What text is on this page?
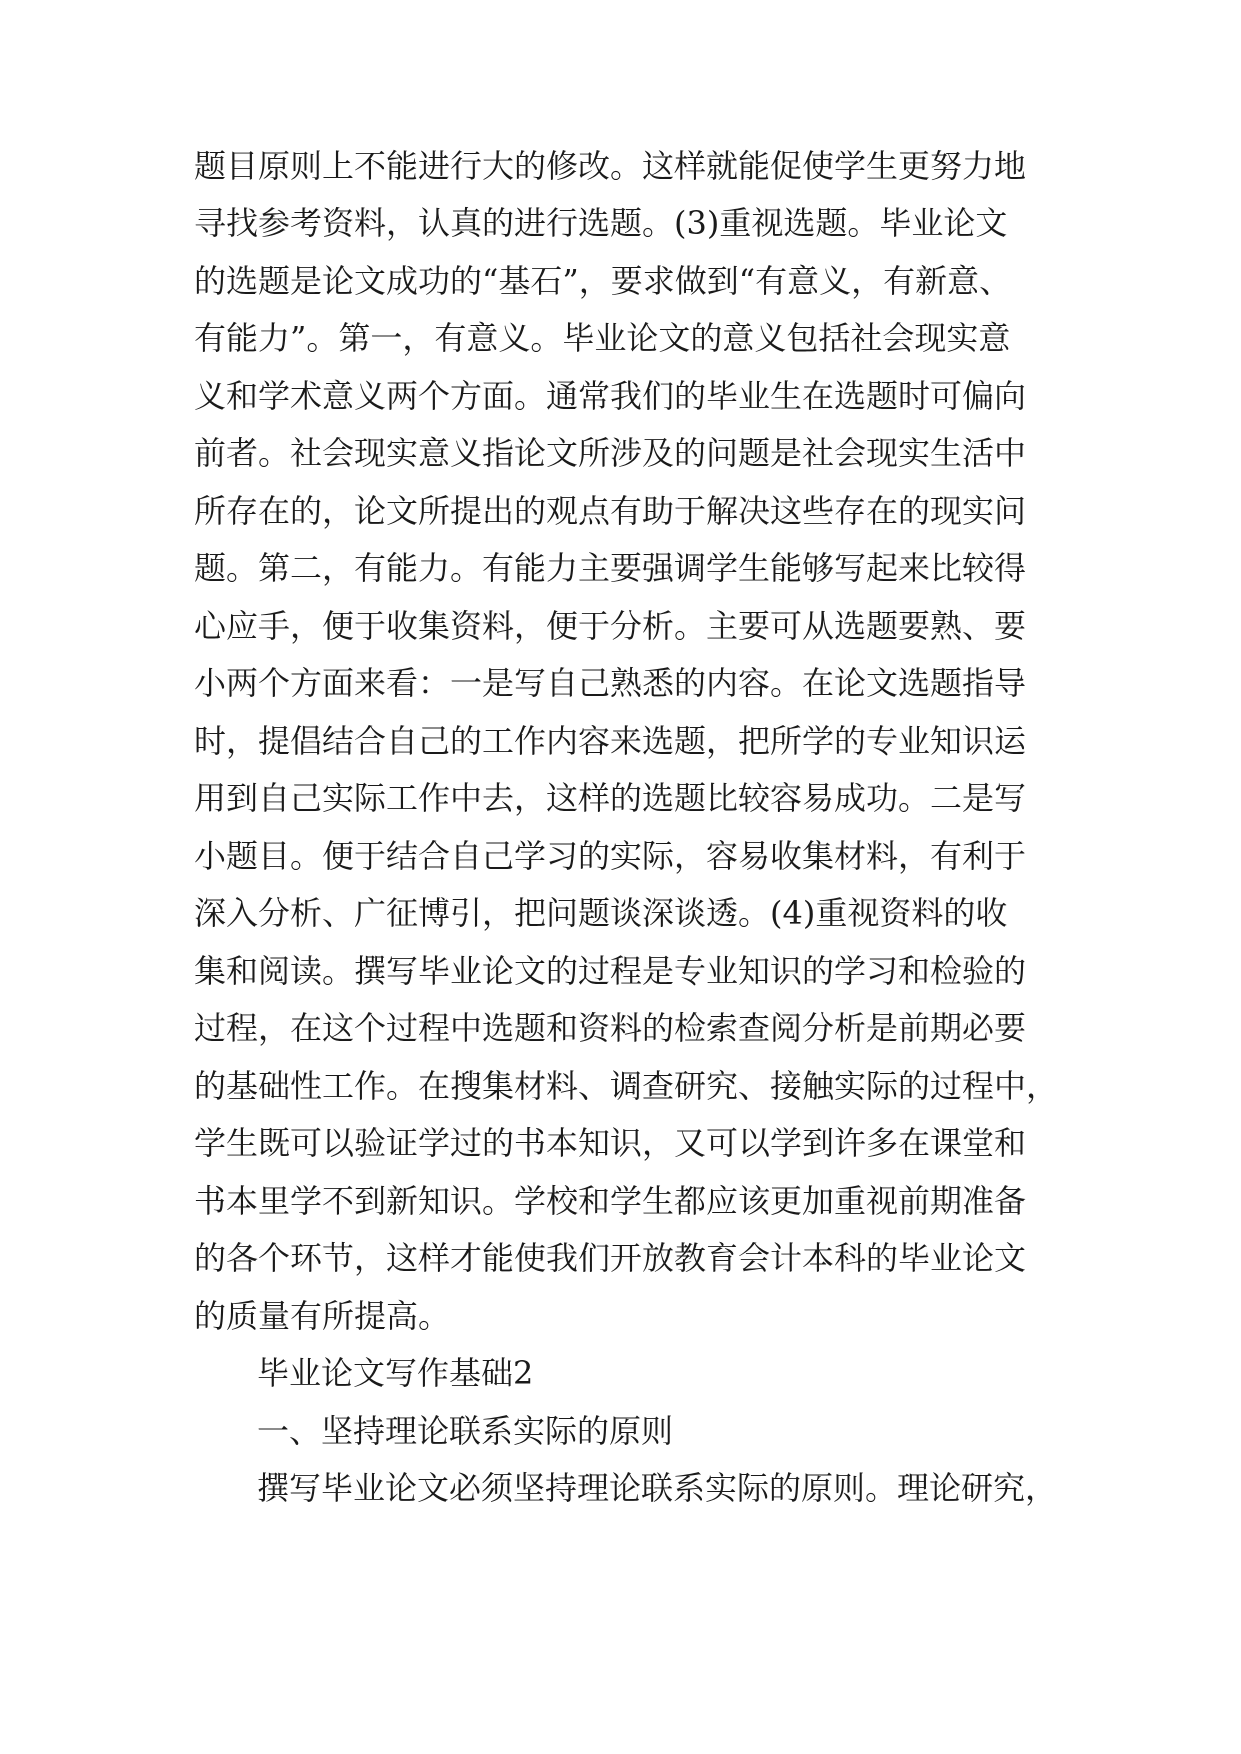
题目原则上不能进行大的修改。这样就能促使学生更努力地
寻找参考资料，认真的进行选题。(3)重视选题。毕业论文
的选题是论文成功的“基石”，要求做到“有意义，有新意、
有能力”。第一，有意义。毕业论文的意义包括社会现实意
义和学术意义两个方面。通常我们的毕业生在选题时可偏向
前者。社会现实意义指论文所涉及的问题是社会现实生活中
所存在的，论文所提出的观点有助于解决这些存在的现实问
题。第二，有能力。有能力主要强调学生能够写起来比较得
心应手，便于收集资料，便于分析。主要可从选题要熟、要
小两个方面来看：一是写自己熟悉的内容。在论文选题指导
时，提倡结合自己的工作内容来选题，把所学的专业知识运
用到自己实际工作中去，这样的选题比较容易成功。二是写
小题目。便于结合自己学习的实际，容易收集材料，有利于
深入分析、广征博引，把问题谈深谈透。(4)重视资料的收
集和阅读。撰写毕业论文的过程是专业知识的学习和检验的
过程，在这个过程中选题和资料的检索查阅分析是前期必要
的基础性工作。在搜集材料、调查研究、接触实际的过程中，
学生既可以验证学过的书本知识，又可以学到许多在课堂和
书本里学不到新知识。学校和学生都应该更加重视前期准备
的各个环节，这样才能使我们开放教育会计本科的毕业论文
的质量有所提高。
毕业论文写作基础2
一、坚持理论联系实际的原则
撰写毕业论文必须坚持理论联系实际的原则。理论研究，
